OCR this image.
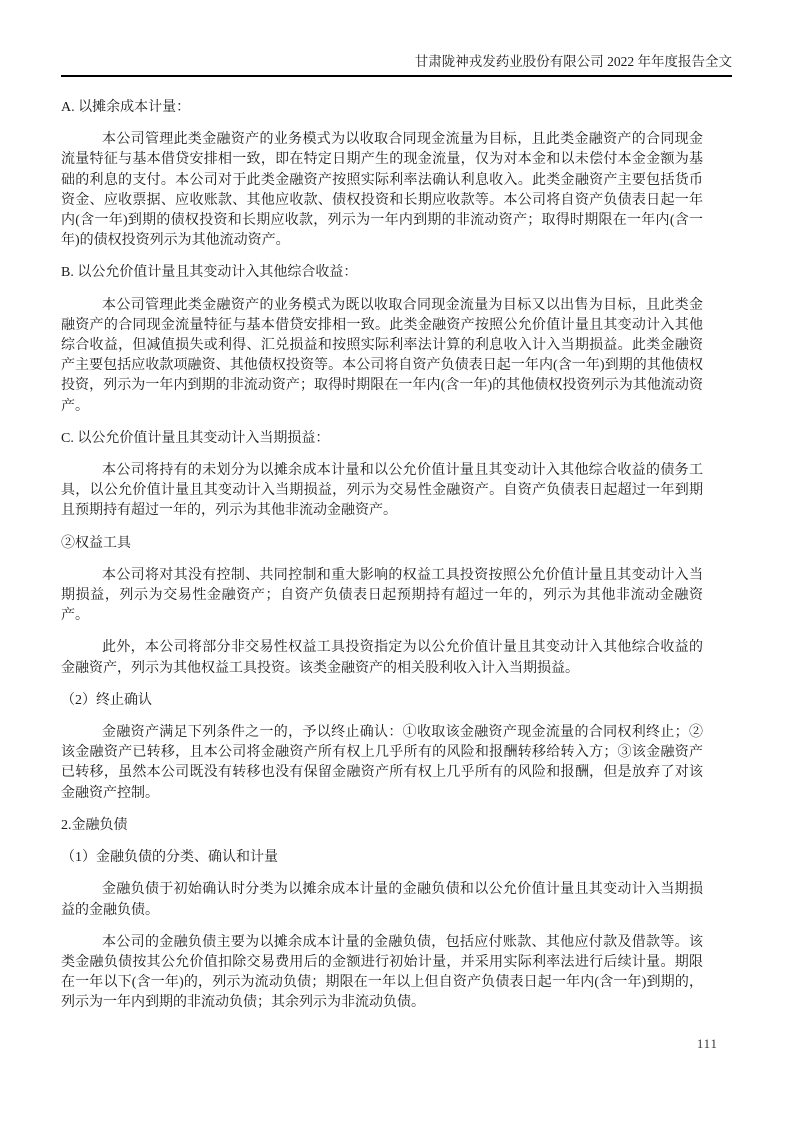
甘肃陇神戎发药业股份有限公司 2022 年年度报告全文

A. 以摊余成本计量：

本公司管理此类金融资产的业务模式为以收取合同现金流量为目标，且此类金融资产的合同现金流量特征与基本借贷安排相一致，即在特定日期产生的现金流量，仅为对本金和以未偿付本金金额为基础的利息的支付。本公司对于此类金融资产按照实际利率法确认利息收入。此类金融资产主要包括货币资金、应收票据、应收账款、其他应收款、债权投资和长期应收款等。本公司将自资产负债表日起一年内(含一年)到期的债权投资和长期应收款，列示为一年内到期的非流动资产；取得时期限在一年内(含一年)的债权投资列示为其他流动资产。

B. 以公允价值计量且其变动计入其他综合收益：

本公司管理此类金融资产的业务模式为既以收取合同现金流量为目标又以出售为目标，且此类金融资产的合同现金流量特征与基本借贷安排相一致。此类金融资产按照公允价值计量且其变动计入其他综合收益，但减值损失或利得、汇兑损益和按照实际利率法计算的利息收入计入当期损益。此类金融资产主要包括应收款项融资、其他债权投资等。本公司将自资产负债表日起一年内(含一年)到期的其他债权投资，列示为一年内到期的非流动资产；取得时期限在一年内(含一年)的其他债权投资列示为其他流动资产。

C. 以公允价值计量且其变动计入当期损益：

本公司将持有的未划分为以摊余成本计量和以公允价值计量且其变动计入其他综合收益的债务工具，以公允价值计量且其变动计入当期损益，列示为交易性金融资产。自资产负债表日起超过一年到期且预期持有超过一年的，列示为其他非流动金融资产。

②权益工具

本公司将对其没有控制、共同控制和重大影响的权益工具投资按照公允价值计量且其变动计入当期损益，列示为交易性金融资产；自资产负债表日起预期持有超过一年的，列示为其他非流动金融资产。

此外，本公司将部分非交易性权益工具投资指定为以公允价值计量且其变动计入其他综合收益的金融资产，列示为其他权益工具投资。该类金融资产的相关股利收入计入当期损益。

（2）终止确认

金融资产满足下列条件之一的，予以终止确认：①收取该金融资产现金流量的合同权利终止；②该金融资产已转移，且本公司将金融资产所有权上几乎所有的风险和报酬转移给转入方；③该金融资产已转移，虽然本公司既没有转移也没有保留金融资产所有权上几乎所有的风险和报酬，但是放弃了对该金融资产控制。

2.金融负债

（1）金融负债的分类、确认和计量

金融负债于初始确认时分类为以摊余成本计量的金融负债和以公允价值计量且其变动计入当期损益的金融负债。

本公司的金融负债主要为以摊余成本计量的金融负债，包括应付账款、其他应付款及借款等。该类金融负债按其公允价值扣除交易费用后的金额进行初始计量，并采用实际利率法进行后续计量。期限在一年以下(含一年)的，列示为流动负债；期限在一年以上但自资产负债表日起一年内(含一年)到期的，列示为一年内到期的非流动负债；其余列示为非流动负债。

111
